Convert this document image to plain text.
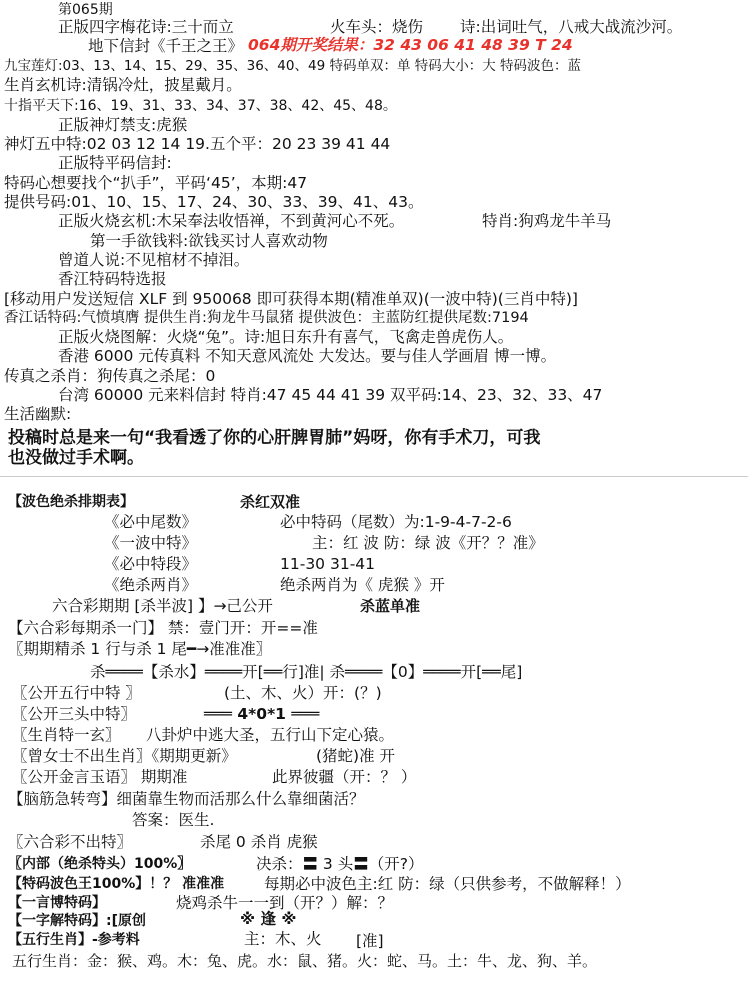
第065期
正版四字梅花诗:三十而立	火车头：烧伤 诗:出词吐气，八戒大战流沙河。
地下信封《千王之王》 064期开奖结果：32 43 06 41 48 39 T 24
九宝莲灯:03、13、14、15、29、35、36、40、49 特码单双：单 特码大小：大 特码波色：蓝
生肖玄机诗:清锅冷灶，披星戴月。
十指平天下:16、19、31、33、34、37、38、42、45、48。
正版神灯禁支:虎猴
神灯五中特:02 03 12 14 19.五个平：20 23 39 41 44
正版特平码信封:
特码心想要找个“扒手”，平码‘45’，本期:47
提供号码:01、10、15、17、24、30、33、39、41、43。
正版火烧玄机:木呆奉法收悟禅，不到黄河心不死。	特肖:狗鸡龙牛羊马
第一手欲钱料:欲钱买讨人喜欢动物
曾道人说:不见棺材不掉泪。
香江特码特选报
[移动用户发送短信 XLF 到 950068 即可获得本期(精准单双)(一波中特)(三肖中特)]
香江话特码:气愤填膺 提供生肖:狗龙牛马鼠猪 提供波色：主蓝防红提供尾数:7194
正版火烧图解：火烧“兔”。诗:旭日东升有喜气，飞禽走兽虎伤人。
香港 6000 元传真料 不知天意风流处 大发达。要与佳人学画眉 博一博。
传真之杀肖：狗传真之杀尾：0
台湾 60000 元来料信封 特肖:47 45 44 41 39 双平码:14、23、32、33、47
生活幽默:
投稿时总是来一句“我看透了你的心肝脾胃肺”妈呀，你有手术刀，可我
也没做过手术啊。
【波色绝杀排期表】	杀红双准
《必中尾数》	必中特码（尾数）为:1-9-4-7-2-6
《一波中特》	主：红 波 防：绿 波《开？？准》
《必中特段》	11-30 31-41
《绝杀两肖》	绝杀两肖为《 虎猴 》开
六合彩期期 [杀半波] 】→己公开	杀蓝单准
【六合彩每期杀一门】 禁：壹门开：开==准
〖期期精杀 1 行与杀 1 尾━→准准准〗
杀════【杀水】════开[══行]准| 杀════【0】════开[══尾]
〖公开五行中特 〗	(土、木、火）开：(？)
〖公开三头中特〗	═══ 4*0*1 ═══
〖生肖特一玄〗 八卦炉中逃大圣，五行山下定心猿。
〖曾女士不出生肖〗《期期更新》	(猪蛇)准 开
〖公开金言玉语〗 期期准	此界彼疆（开：？ ）
【脑筋急转弯】细菌靠生物而活那么什么靠细菌活？
答案：医生.
〖六合彩不出特〗	杀尾 0 杀肖 虎猴
〖内部（绝杀特头）100%〗	决杀：〓 3 头〓（开?）
【特码波色王100%】！？ 准准准	每期必中波色主:红 防：绿（只供参考，不做解释！）
【一言博特码】	烧鸡杀牛一一到（开？）解：？
【一字解特码】:[原创	※ 逢 ※
【五行生肖】-参考料	主：木、火 [准]
五行生肖：金：猴、鸡。木：兔、虎。水：鼠、猪。火：蛇、马。土：牛、龙、狗、羊。
